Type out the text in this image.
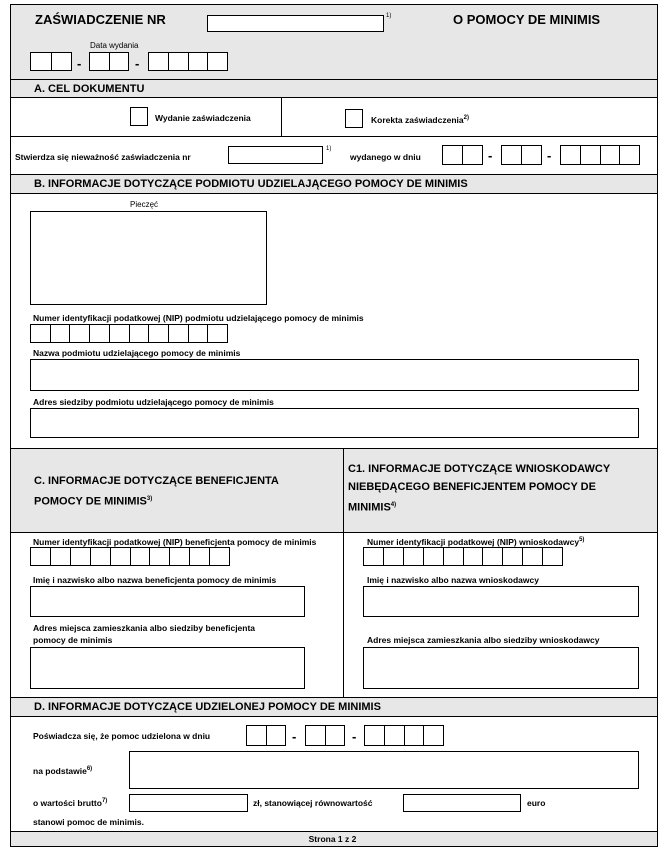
ZAŚWIADCZENIE NR	1)	O POMOCY DE MINIMIS
Data wydania
-	-
A. CEL DOKUMENTU
Wydanie zaświadczenia	Korekta zaświadczenia$^{2)}$
Stwierdza się nieważność zaświadczenia nr
1)
wydanego w dniu	-	-
B. INFORMACJE DOTYCZĄCE PODMIOTU UDZIELAJĄCEGO POMOCY DE MINIMIS
Pieczęć
Numer identyfikacji podatkowej (NIP) podmiotu udzielającego pomocy de minimis
Nazwa podmiotu udzielającego pomocy de minimis
Adres siedziby podmiotu udzielającego pomocy de minimis
C. INFORMACJE DOTYCZĄCE BENEFICJENTA
POMOCY DE MINIMIS$^{3)}$
Numer identyfikacji podatkowej (NIP) beneficjenta pomocy de minimis
Imię i nazwisko albo nazwa beneficjenta pomocy de minimis
Adres miejsca zamieszkania albo siedziby beneficjenta
pomocy de minimis
C1. INFORMACJE DOTYCZĄCE WNIOSKODAWCY
NIEBĘDĄCEGO BENEFICJENTEM POMOCY DE
MINIMIS$^{4)}$
Numer identyfikacji podatkowej (NIP) wnioskodawcy$^{5)}$
Imię i nazwisko albo nazwa wnioskodawcy
Adres miejsca zamieszkania albo siedziby wnioskodawcy
D. INFORMACJE DOTYCZĄCE UDZIELONEJ POMOCY DE MINIMIS
Poświadcza się, że pomoc udzielona w dniu	-	-
na podstawie$^{6)}$
o wartości brutto$^{7)}$	zł, stanowiącej równowartość	euro
stanowi pomoc de minimis.
Strona 1 z 2
